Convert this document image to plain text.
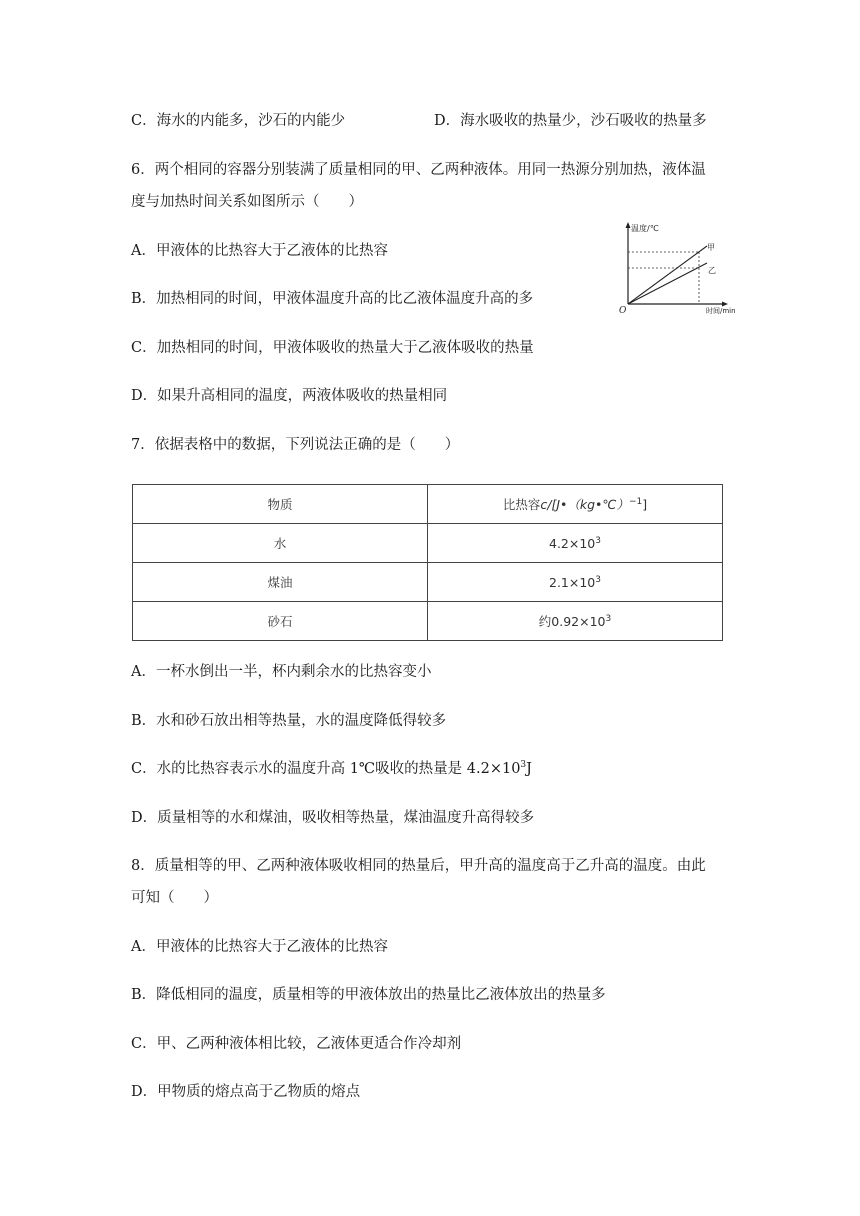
C．海水的内能多，沙石的内能少	D．海水吸收的热量少，沙石吸收的热量多
6．两个相同的容器分别装满了质量相同的甲、乙两种液体。用同一热源分别加热，液体温
度与加热时间关系如图所示（　　）
A．甲液体的比热容大于乙液体的比热容
B．加热相同的时间，甲液体温度升高的比乙液体温度升高的多
C．加热相同的时间，甲液体吸收的热量大于乙液体吸收的热量
D．如果升高相同的温度，两液体吸收的热量相同
温度/℃
时间/min
O
甲
乙
7．依据表格中的数据，下列说法正确的是（　　）
物质	比热容c/[J•（kg•℃）$^{-1}$]
水	$4.2\times 10^3$
煤油	$2.1\times 10^3$
砂石	约$0.92\times 10^3$
A．一杯水倒出一半，杯内剩余水的比热容变小
B．水和砂石放出相等热量，水的温度降低得较多
C．水的比热容表示水的温度升高 1℃吸收的热量是 $4.2\times 10^3J$
D．质量相等的水和煤油，吸收相等热量，煤油温度升高得较多
8．质量相等的甲、乙两种液体吸收相同的热量后，甲升高的温度高于乙升高的温度。由此
可知（　　）
A．甲液体的比热容大于乙液体的比热容
B．降低相同的温度，质量相等的甲液体放出的热量比乙液体放出的热量多
C．甲、乙两种液体相比较，乙液体更适合作冷却剂
D．甲物质的熔点高于乙物质的熔点
